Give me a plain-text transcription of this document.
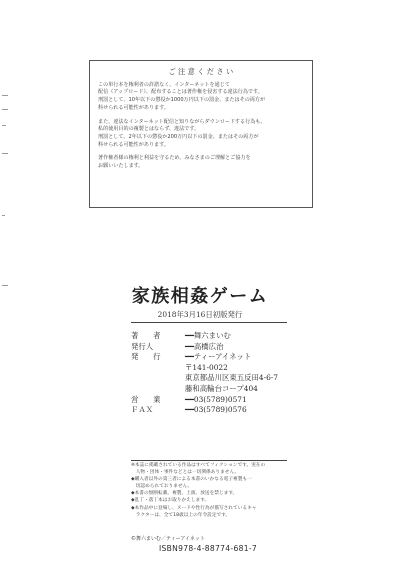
ご注意ください

この単行本を権利者の許諾なく、インターネットを通じて
配信（アップロード）、配布することは著作権を侵害する違法行為です。
刑罰として、10年以下の懲役か1000万円以下の罰金、またはその両方が
科せられる可能性があります。

また、違法なインターネット配信と知りながらダウンロードする行為も、
私的使用目的の複製とはならず、違法です。
刑罰として、2年以下の懲役か200万円以下の罰金、またはその両方が
科せられる可能性があります。

著作権者様の権利と利益を守るため、みなさまのご理解とご協力を
お願いいたします。

家族相姦ゲーム
2018年3月16日初版発行
著　　者	━━舞六まいむ
発行人	━━高橋広治
発　　行	━━ティーアイネット
〒141-0022
東京都品川区東五反田4-6-7
藤和高輪台コープ404
営　　業	━━03(5789)0571
ＦＡＸ	━━03(5789)0576

※本誌に掲載されている作品はすべてフィクションです。実在の

　人物・団体・事件などとは一切関係ありません。

◆購入者以外の第三者による本書のいかなる電子複製も一

　切認められておりません。

◆本書の無断転載、複製、上演、放送を禁じます。

◆乱丁・落丁本はお取りかえします。

◆本作品中に登場し、ヌードや性行為が描写されているキャ

　ラクターは、全て18歳以上の年令設定です。

©舞六まいむ／ティーアイネット
ISBN978-4-88774-681-7
